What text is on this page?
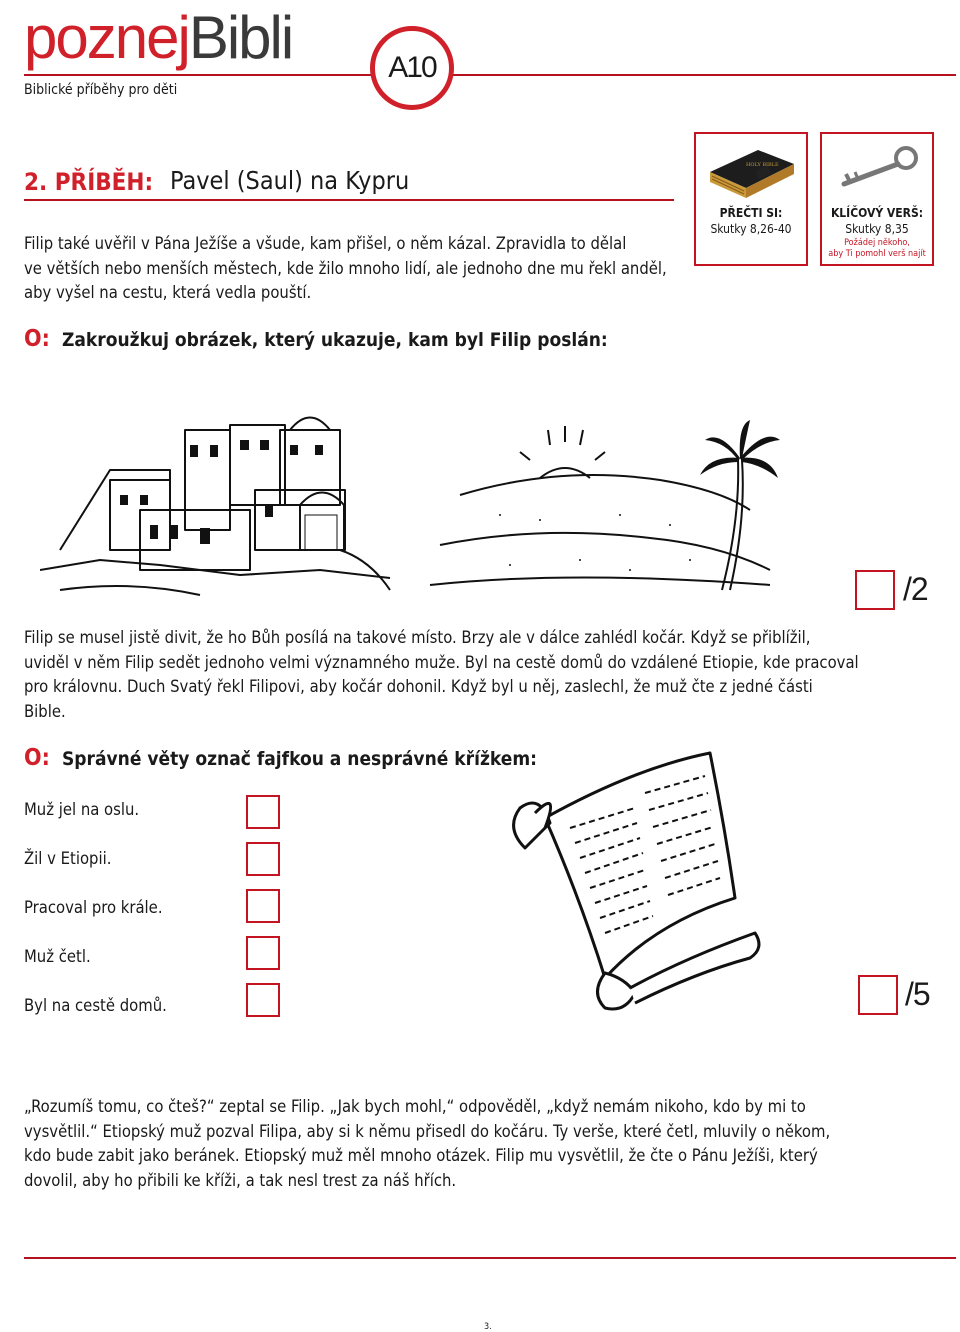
poznejBibli
Biblické příběhy pro děti
A10
2. PŘÍBĚH: Pavel (Saul) na Kypru
Filip také uvěřil v Pána Ježíše a všude, kam přišel, o něm kázal. Zpravidla to dělal
ve větších nebo menších městech, kde žilo mnoho lidí, ale jednoho dne mu řekl anděl,
aby vyšel na cestu, která vedla pouští.
HOLY BIBLE
PŘEČTI SI:
Skutky 8,26-40
KLÍČOVÝ VERŠ:
Skutky 8,35
Požádej někoho,
aby Ti pomohl verš najít
O: Zakroužkuj obrázek, který ukazuje, kam byl Filip poslán:
/2
Filip se musel jistě divit, že ho Bůh posílá na takové místo. Brzy ale v dálce zahlédl kočár. Když se přiblížil,
uviděl v něm Filip sedět jednoho velmi významného muže. Byl na cestě domů do vzdálené Etiopie, kde pracoval
pro královnu. Duch Svatý řekl Filipovi, aby kočár dohonil. Když byl u něj, zaslechl, že muž čte z jedné části
Bible.
O: Správné věty označ fajfkou a nesprávné křížkem:
Muž jel na oslu.
Žil v Etiopii.
Pracoval pro krále.
Muž četl.
Byl na cestě domů.	/5
„Rozumíš tomu, co čteš?“ zeptal se Filip. „Jak bych mohl,“ odpověděl, „když nemám nikoho, kdo by mi to
vysvětlil.“ Etiopský muž pozval Filipa, aby si k němu přisedl do kočáru. Ty verše, které četl, mluvily o někom,
kdo bude zabit jako beránek. Etiopský muž měl mnoho otázek. Filip mu vysvětlil, že čte o Pánu Ježíši, který
dovolil, aby ho přibili ke kříži, a tak nesl trest za náš hřích.
3.
